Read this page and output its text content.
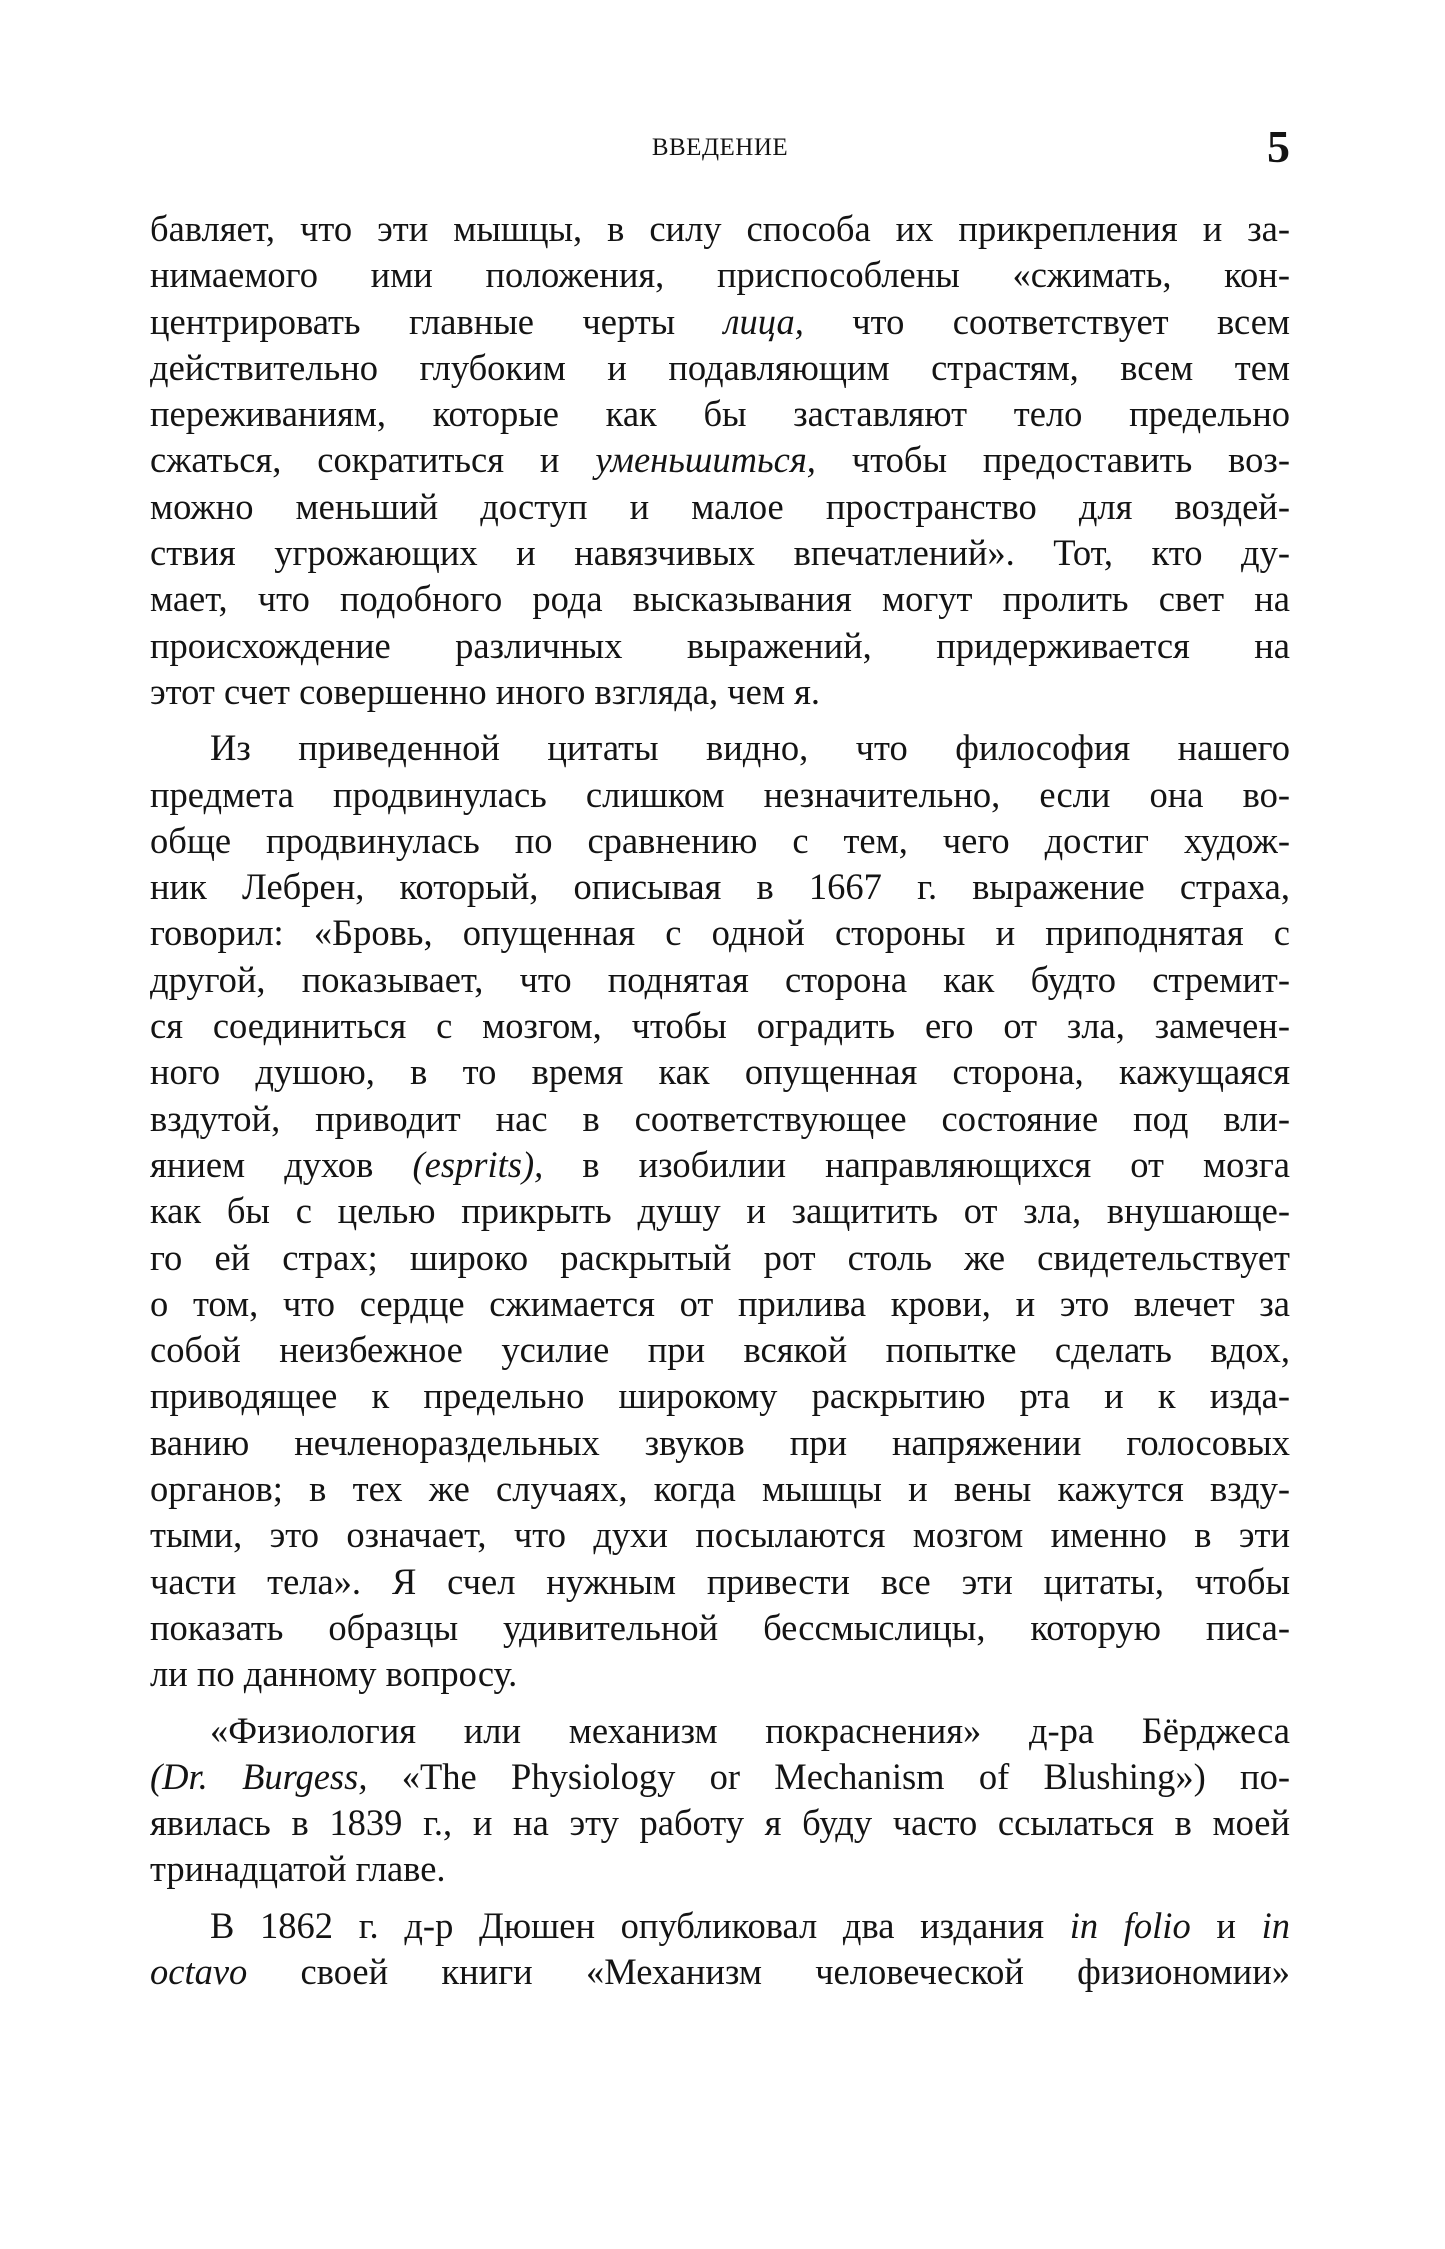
ВВЕДЕНИЕ	5
бавляет, что эти мышцы, в силу способа их прикрепления и за-
нимаемого ими положения, приспособлены «сжимать, кон-
центрировать главные черты лица, что соответствует всем
действительно глубоким и подавляющим страстям, всем тем
переживаниям, которые как бы заставляют тело предельно
сжаться, сократиться и уменьшиться, чтобы предоставить воз-
можно меньший доступ и малое пространство для воздей-
ствия угрожающих и навязчивых впечатлений». Тот, кто ду-
мает, что подобного рода высказывания могут пролить свет на
происхождение различных выражений, придерживается на
этот счет совершенно иного взгляда, чем я.
Из приведенной цитаты видно, что философия нашего
предмета продвинулась слишком незначительно, если она во-
обще продвинулась по сравнению с тем, чего достиг худож-
ник Лебрен, который, описывая в 1667 г. выражение страха,
говорил: «Бровь, опущенная с одной стороны и приподнятая с
другой, показывает, что поднятая сторона как будто стремит-
ся соединиться с мозгом, чтобы оградить его от зла, замечен-
ного душою, в то время как опущенная сторона, кажущаяся
вздутой, приводит нас в соответствующее состояние под вли-
янием духов (esprits), в изобилии направляющихся от мозга
как бы с целью прикрыть душу и защитить от зла, внушающе-
го ей страх; широко раскрытый рот столь же свидетельствует
о том, что сердце сжимается от прилива крови, и это влечет за
собой неизбежное усилие при всякой попытке сделать вдох,
приводящее к предельно широкому раскрытию рта и к изда-
ванию нечленораздельных звуков при напряжении голосовых
органов; в тех же случаях, когда мышцы и вены кажутся взду-
тыми, это означает, что духи посылаются мозгом именно в эти
части тела». Я счел нужным привести все эти цитаты, чтобы
показать образцы удивительной бессмыслицы, которую писа-
ли по данному вопросу.
«Физиология или механизм покраснения» д-ра Бёрджеса
(Dr. Burgess, «The Physiology or Mechanism of Blushing») по-
явилась в 1839 г., и на эту работу я буду часто ссылаться в моей
тринадцатой главе.
В 1862 г. д-р Дюшен опубликовал два издания in folio и in
octavo своей книги «Механизм человеческой физиономии»
